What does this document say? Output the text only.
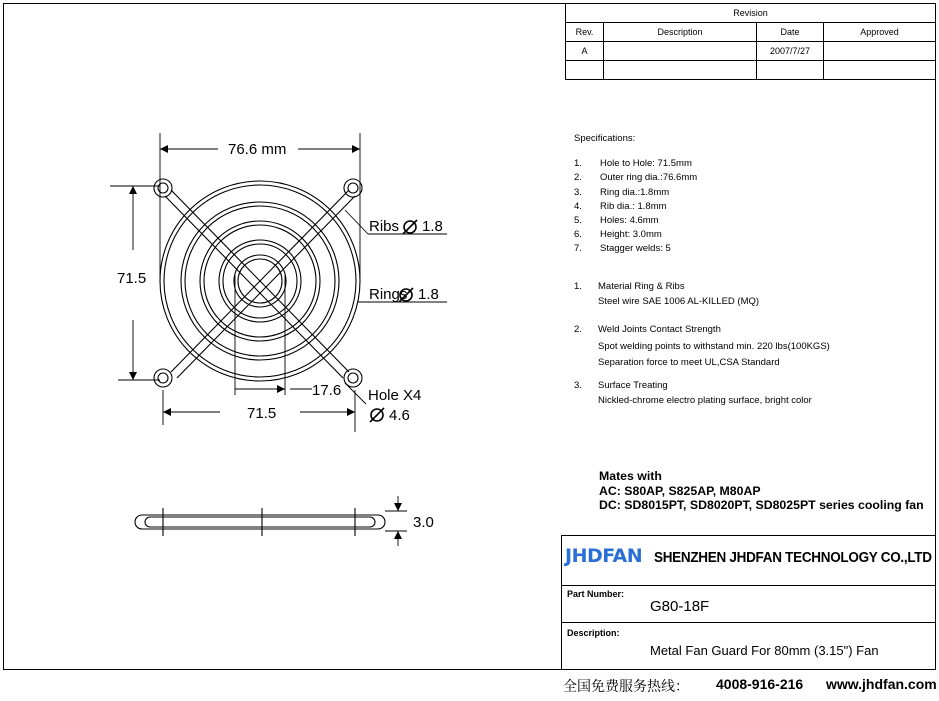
76.6 mm
71.5
71.5
17.6
Ribs 1.8
Rings 1.8
Hole X4
4.6
3.0
Revision			
Rev.	Description	Date	Approved
A		2007/7/27	

Specifications:
1.	Hole to Hole: 71.5mm
2.	Outer ring dia.:76.6mm
3.	Ring dia.:1.8mm
4.	Rib dia.: 1.8mm
5.	Holes: 4.6mm
6.	Height: 3.0mm
7.	Stagger welds: 5
1. Material Ring & Ribs
Steel wire SAE 1006 AL-KILLED (MQ)
2. Weld Joints Contact Strength
Spot welding points to withstand min. 220 lbs(100KGS)
Separation force to meet UL,CSA Standard
3. Surface Treating
Nickled-chrome electro plating surface, bright color
Mates with
AC: S80AP, S825AP, M80AP
DC: SD8015PT, SD8020PT, SD8025PT series cooling fan
JHDFAN SHENZHEN JHDFAN TECHNOLOGY CO.,LTD
Part Number:
G80-18F
Description:
Metal Fan Guard For 80mm (3.15") Fan
全国免费服务热线： 4008-916-216 www.jhdfan.com
